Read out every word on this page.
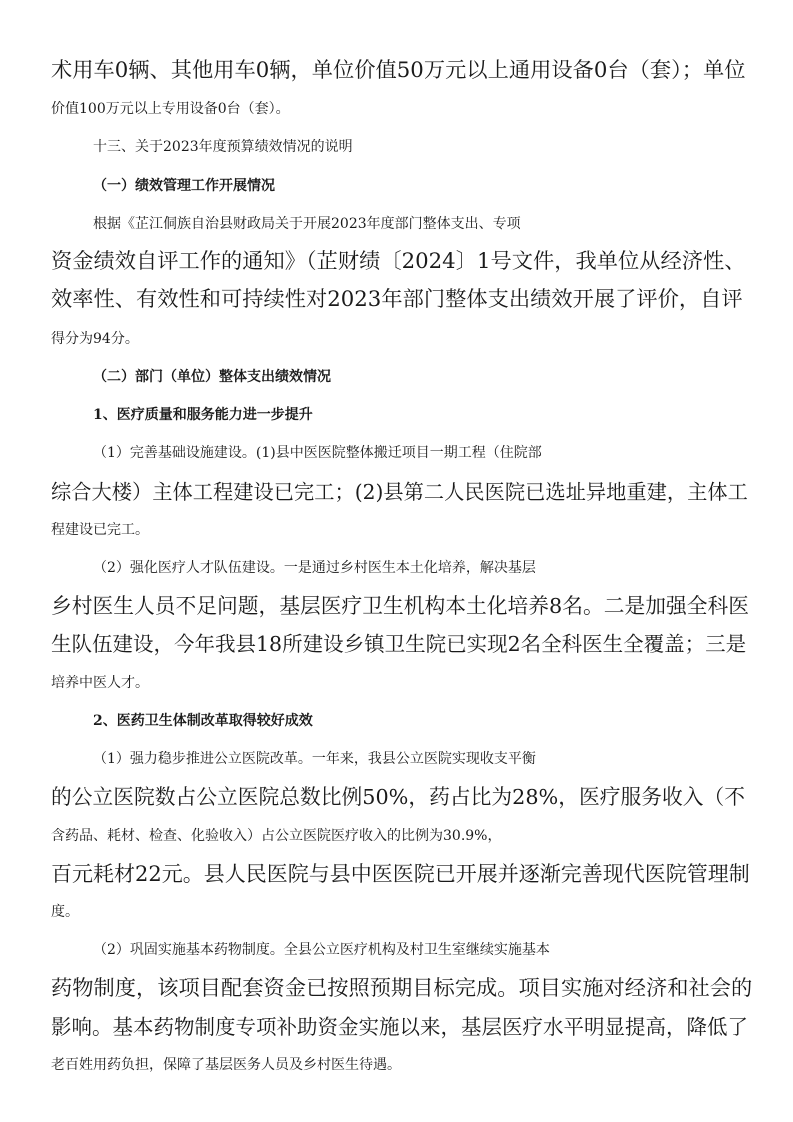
术用车0辆、其他用车0辆，单位价值50万元以上通用设备0台（套）；单位
价值100万元以上专用设备0台（套）。
十三、关于2023年度预算绩效情况的说明
（一）绩效管理工作开展情况
根据《芷江侗族自治县财政局关于开展2023年度部门整体支出、专项
资金绩效自评工作的通知》（芷财绩〔2024〕1号文件，我单位从经济性、
效率性、有效性和可持续性对2023年部门整体支出绩效开展了评价，自评
得分为94分。
（二）部门（单位）整体支出绩效情况
1、医疗质量和服务能力进一步提升
（1）完善基础设施建设。(1)县中医医院整体搬迁项目一期工程（住院部
综合大楼）主体工程建设已完工；(2)县第二人民医院已选址异地重建，主体工
程建设已完工。
（2）强化医疗人才队伍建设。一是通过乡村医生本土化培养，解决基层
乡村医生人员不足问题，基层医疗卫生机构本土化培养8名。二是加强全科医
生队伍建设，今年我县18所建设乡镇卫生院已实现2名全科医生全覆盖；三是
培养中医人才。
2、医药卫生体制改革取得较好成效
（1）强力稳步推进公立医院改革。一年来，我县公立医院实现收支平衡
的公立医院数占公立医院总数比例50%，药占比为28%，医疗服务收入（不
含药品、耗材、检查、化验收入）占公立医院医疗收入的比例为30.9%，
百元耗材22元。县人民医院与县中医医院已开展并逐渐完善现代医院管理制
度。
（2）巩固实施基本药物制度。全县公立医疗机构及村卫生室继续实施基本
药物制度，该项目配套资金已按照预期目标完成。项目实施对经济和社会的
影响。基本药物制度专项补助资金实施以来，基层医疗水平明显提高，降低了
老百姓用药负担，保障了基层医务人员及乡村医生待遇。
